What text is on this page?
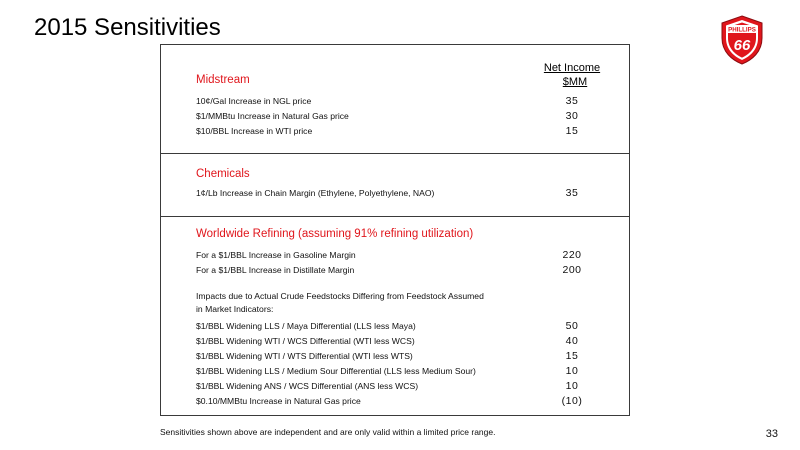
2015 Sensitivities	PHILLIPS
66
Net Income
$MM
Midstream
10¢/Gal Increase in NGL price	35
$1/MMBtu Increase in Natural Gas price	30
$10/BBL Increase in WTI price	15
Chemicals
1¢/Lb Increase in Chain Margin (Ethylene, Polyethylene, NAO)	35
Worldwide Refining (assuming 91% refining utilization)
For a $1/BBL Increase in Gasoline Margin	220
For a $1/BBL Increase in Distillate Margin	200
Impacts due to Actual Crude Feedstocks Differing from Feedstock Assumed
in Market Indicators:
$1/BBL Widening LLS / Maya Differential (LLS less Maya)	50
$1/BBL Widening WTI / WCS Differential (WTI less WCS)	40
$1/BBL Widening WTI / WTS Differential (WTI less WTS)	15
$1/BBL Widening LLS / Medium Sour Differential (LLS less Medium Sour)	10
$1/BBL Widening ANS / WCS Differential (ANS less WCS)	10
$0.10/MMBtu Increase in Natural Gas price	(10)
Sensitivities shown above are independent and are only valid within a limited price range.	33
